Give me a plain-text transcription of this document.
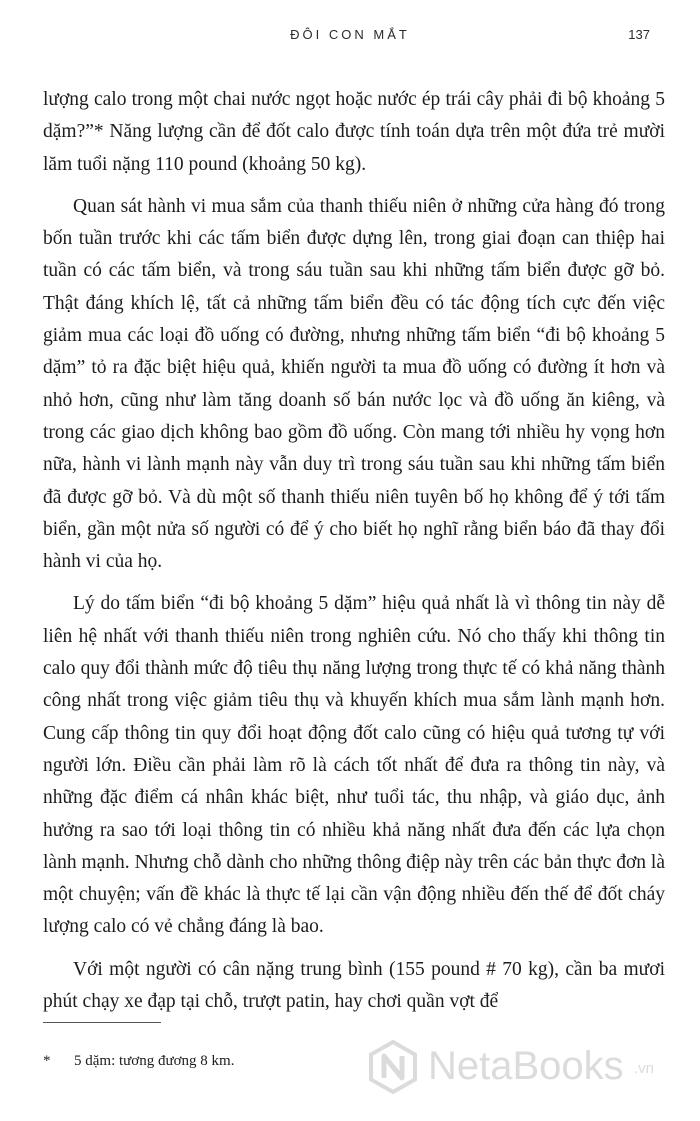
ĐÔI CON MẮT	137

lượng calo trong một chai nước ngọt hoặc nước ép trái cây phải đi bộ khoảng 5 dặm?”* Năng lượng cần để đốt calo được tính toán dựa trên một đứa trẻ mười lăm tuổi nặng 110 pound (khoảng 50 kg).

Quan sát hành vi mua sắm của thanh thiếu niên ở những cửa hàng đó trong bốn tuần trước khi các tấm biển được dựng lên, trong giai đoạn can thiệp hai tuần có các tấm biển, và trong sáu tuần sau khi những tấm biển được gỡ bỏ. Thật đáng khích lệ, tất cả những tấm biển đều có tác động tích cực đến việc giảm mua các loại đồ uống có đường, nhưng những tấm biển “đi bộ khoảng 5 dặm” tỏ ra đặc biệt hiệu quả, khiến người ta mua đồ uống có đường ít hơn và nhỏ hơn, cũng như làm tăng doanh số bán nước lọc và đồ uống ăn kiêng, và trong các giao dịch không bao gồm đồ uống. Còn mang tới nhiều hy vọng hơn nữa, hành vi lành mạnh này vẫn duy trì trong sáu tuần sau khi những tấm biển đã được gỡ bỏ. Và dù một số thanh thiếu niên tuyên bố họ không để ý tới tấm biển, gần một nửa số người có để ý cho biết họ nghĩ rằng biển báo đã thay đổi hành vi của họ.

Lý do tấm biển “đi bộ khoảng 5 dặm” hiệu quả nhất là vì thông tin này dễ liên hệ nhất với thanh thiếu niên trong nghiên cứu. Nó cho thấy khi thông tin calo quy đổi thành mức độ tiêu thụ năng lượng trong thực tế có khả năng thành công nhất trong việc giảm tiêu thụ và khuyến khích mua sắm lành mạnh hơn. Cung cấp thông tin quy đổi hoạt động đốt calo cũng có hiệu quả tương tự với người lớn. Điều cần phải làm rõ là cách tốt nhất để đưa ra thông tin này, và những đặc điểm cá nhân khác biệt, như tuổi tác, thu nhập, và giáo dục, ảnh hưởng ra sao tới loại thông tin có nhiều khả năng nhất đưa đến các lựa chọn lành mạnh. Nhưng chỗ dành cho những thông điệp này trên các bản thực đơn là một chuyện; vấn đề khác là thực tế lại cần vận động nhiều đến thế để đốt cháy lượng calo có vẻ chẳng đáng là bao.

Với một người có cân nặng trung bình (155 pound # 70 kg), cần ba mươi phút chạy xe đạp tại chỗ, trượt patin, hay chơi quần vợt để

* 5 dặm: tương đương 8 km.	NetaBooks .vn
